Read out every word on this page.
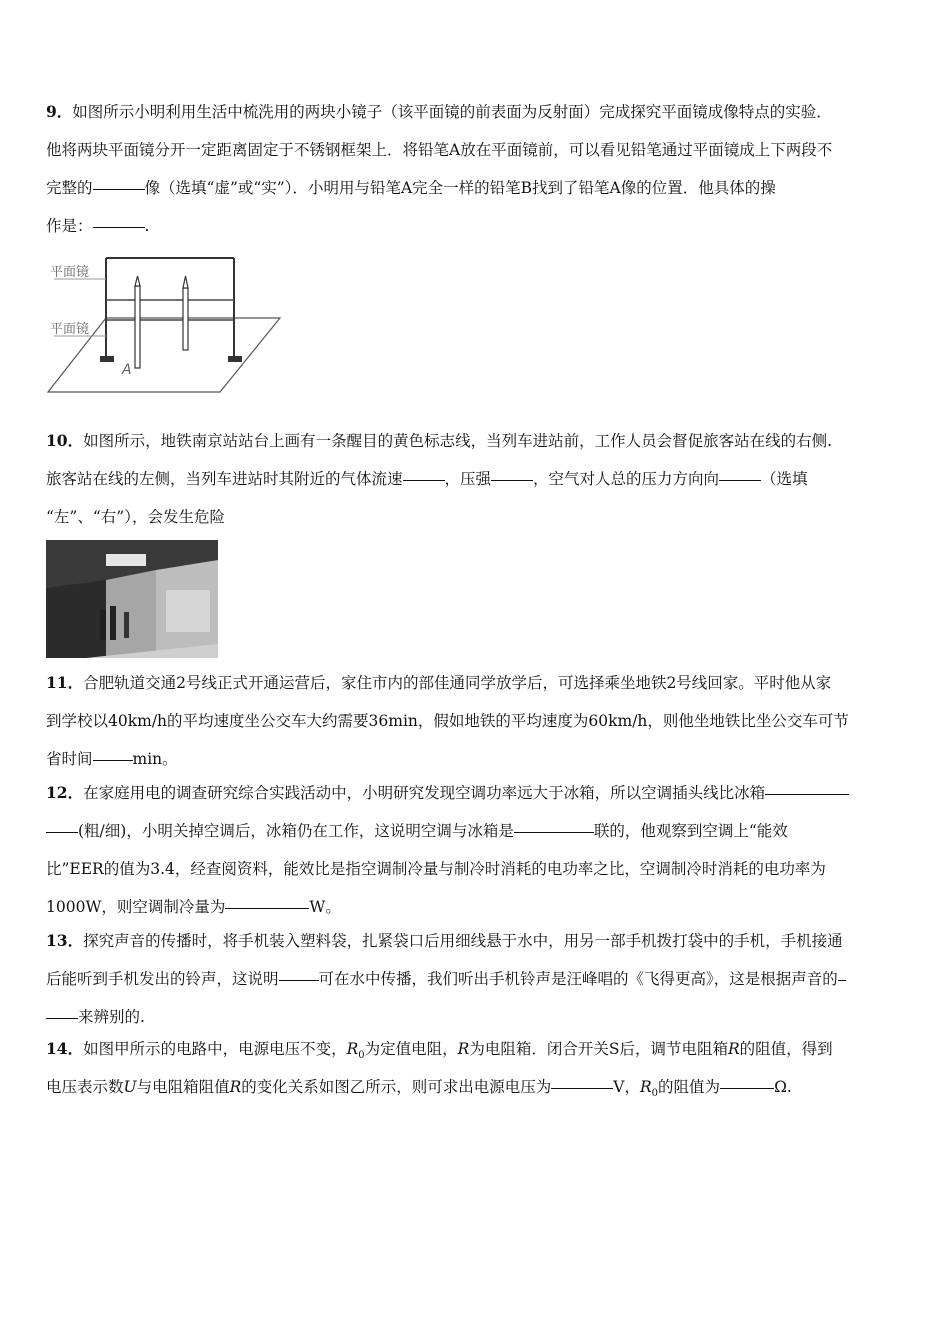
9．如图所示小明利用生活中梳洗用的两块小镜子（该平面镜的前表面为反射面）完成探究平面镜成像特点的实验．
他将两块平面镜分开一定距离固定于不锈钢框架上．将铅笔A放在平面镜前，可以看见铅笔通过平面镜成上下两段不
完整的	像（选填“虚”或“实”）．小明用与铅笔A完全一样的铅笔B找到了铅笔A像的位置．他具体的操
作是：	.
平面镜
平面镜
A
10．如图所示，地铁南京站站台上画有一条醒目的黄色标志线，当列车进站前，工作人员会督促旅客站在线的右侧.
旅客站在线的左侧，当列车进站时其附近的气体流速	，压强	，空气对人总的压力方向向	（选填
“左”、“右”），会发生危险
11．合肥轨道交通2号线正式开通运营后，家住市内的部佳通同学放学后，可选择乘坐地铁2号线回家。平时他从家
到学校以40km/h的平均速度坐公交车大约需要36min，假如地铁的平均速度为60km/h，则他坐地铁比坐公交车可节
省时间	min。
12．在家庭用电的调查研究综合实践活动中，小明研究发现空调功率远大于冰箱，所以空调插头线比冰箱
(粗/细)，小明关掉空调后，冰箱仍在工作，这说明空调与冰箱是	联的，他观察到空调上“能效
比”EER的值为3.4，经查阅资料，能效比是指空调制冷量与制冷时消耗的电功率之比，空调制冷时消耗的电功率为
1000W，则空调制冷量为	W。
13．探究声音的传播时，将手机装入塑料袋，扎紧袋口后用细线悬于水中，用另一部手机拨打袋中的手机，手机接通
后能听到手机发出的铃声，这说明	可在水中传播，我们听出手机铃声是汪峰唱的《飞得更高》，这是根据声音的
来辨别的.
14．如图甲所示的电路中，电源电压不变，$R_0$为定值电阻，R为电阻箱．闭合开关S后，调节电阻箱R的阻值，得到
电压表示数U与电阻箱阻值R的变化关系如图乙所示，则可求出电源电压为	V，$R_0$的阻值为	Ω.
